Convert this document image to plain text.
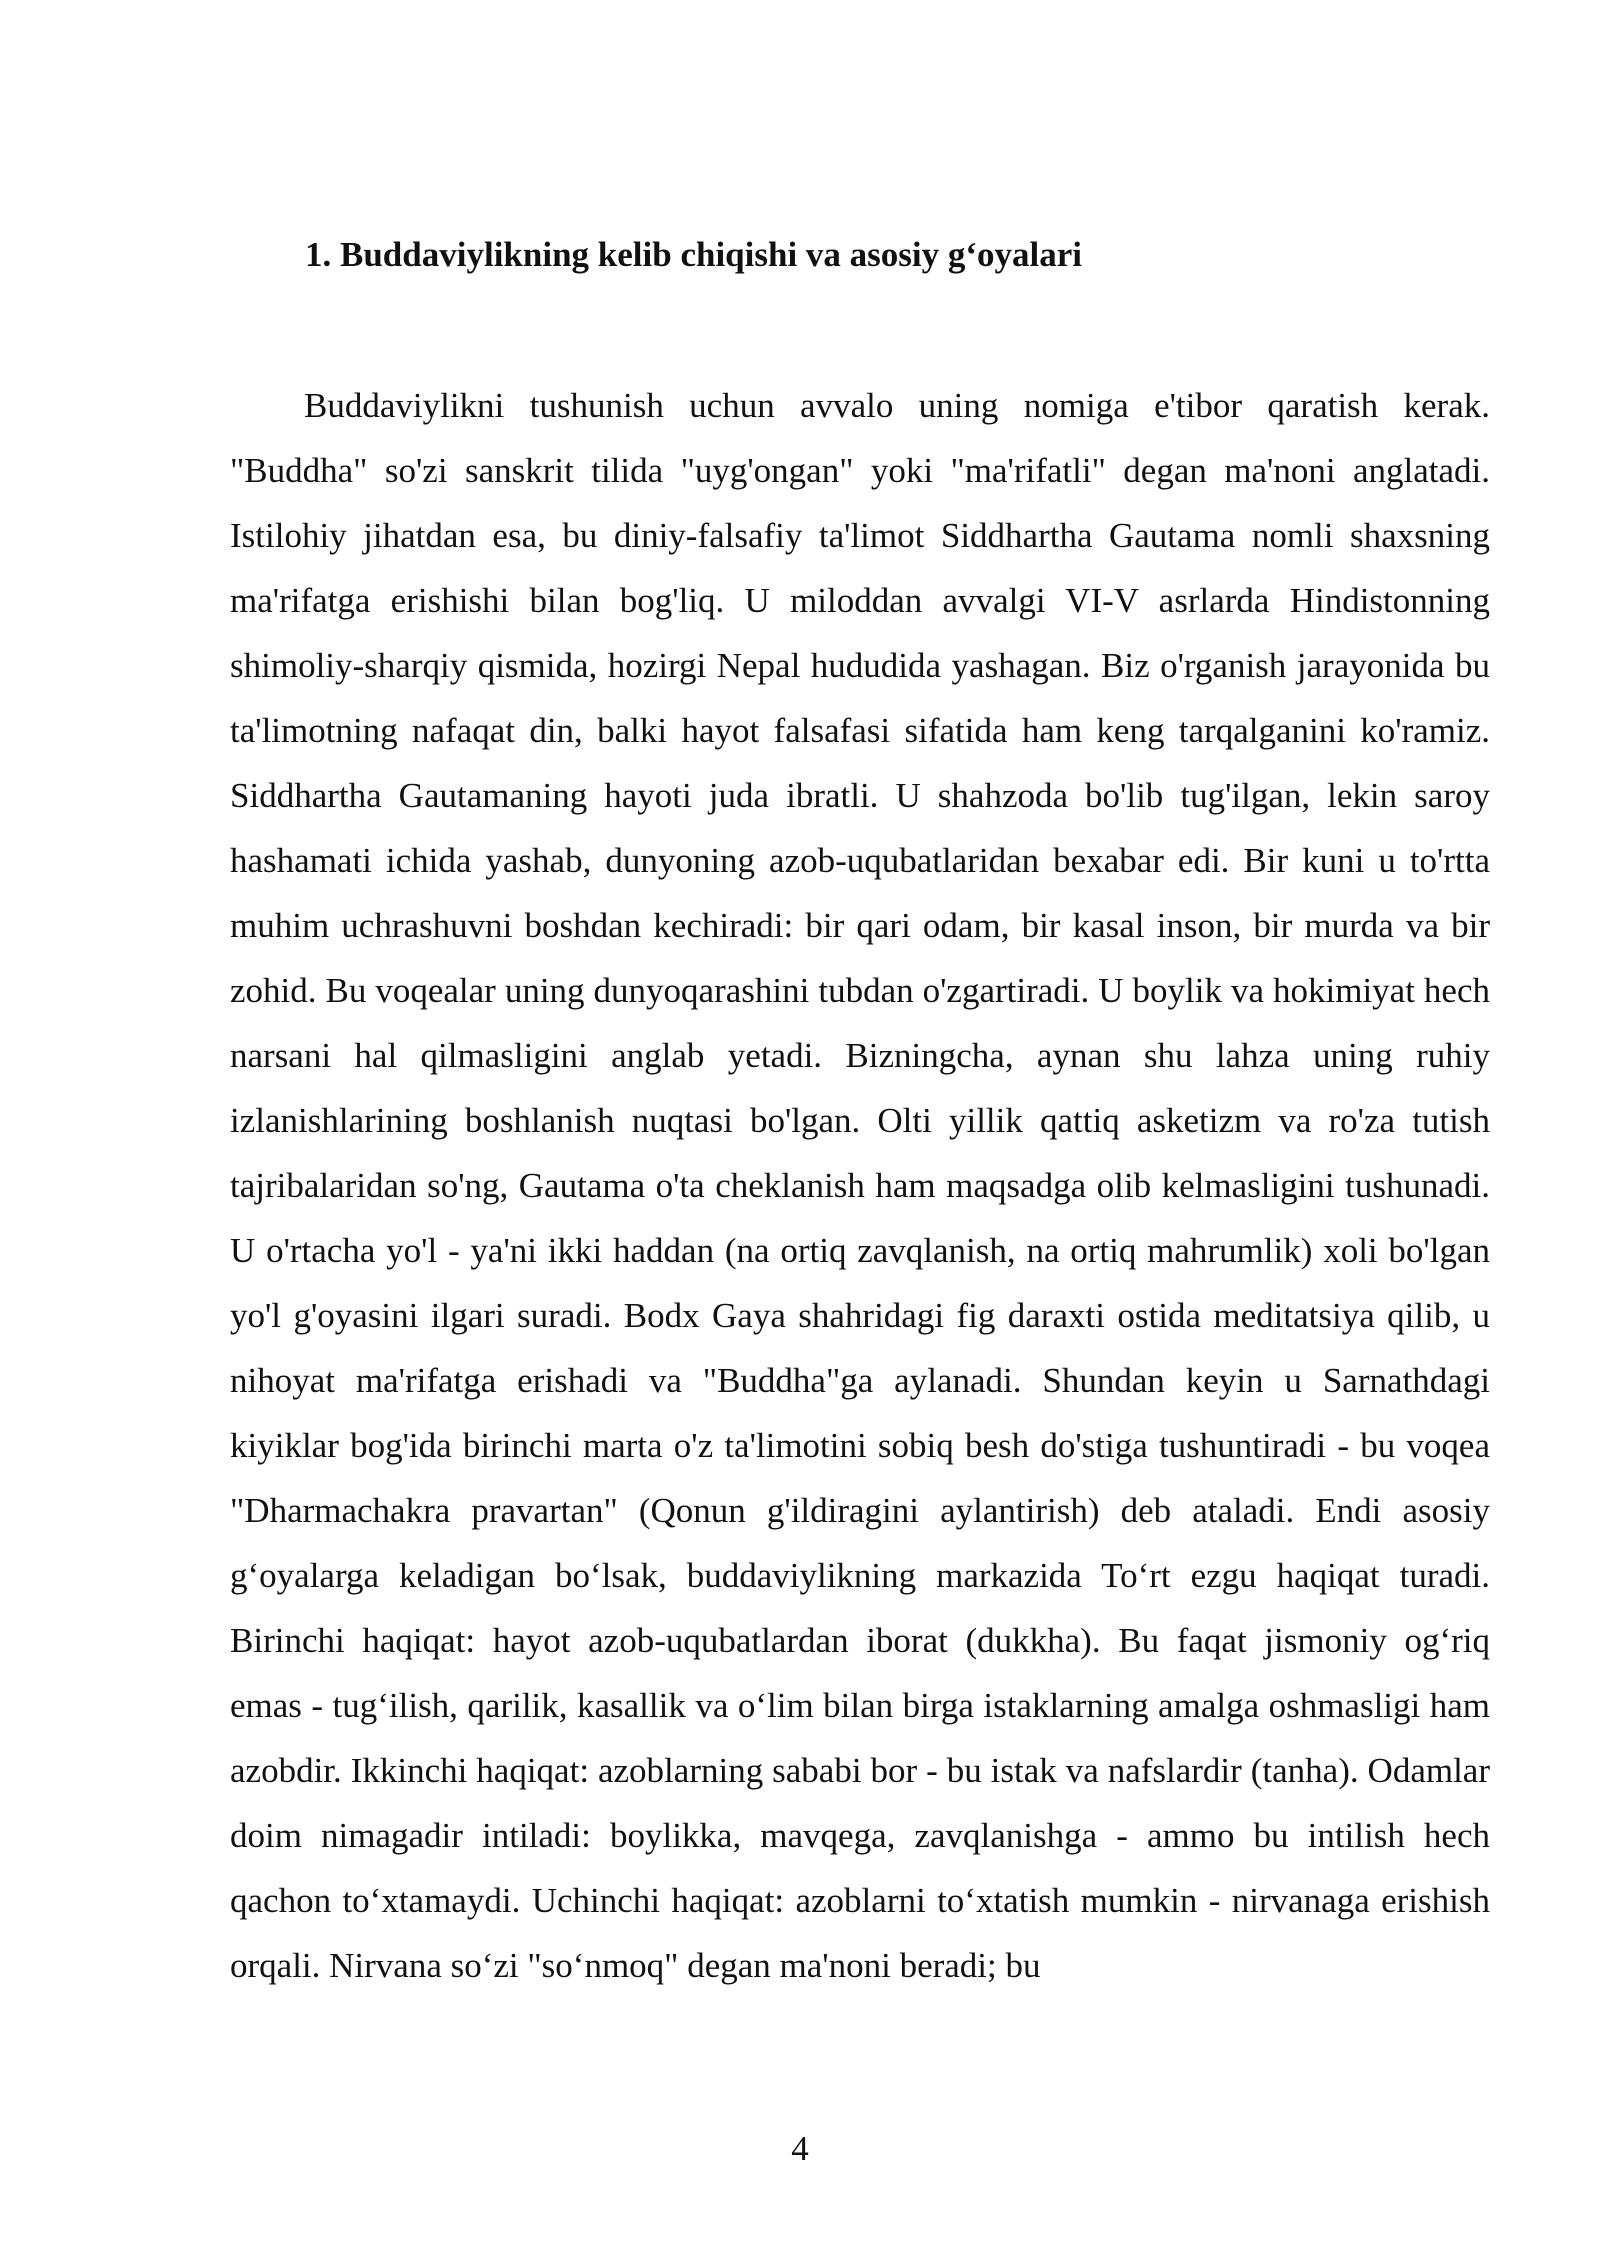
1. Buddaviylikning kelib chiqishi va asosiy g‘oyalari

Buddaviylikni tushunish uchun avvalo uning nomiga e'tibor qaratish kerak. "Buddha" so'zi sanskrit tilida "uyg'ongan" yoki "ma'rifatli" degan ma'noni anglatadi. Istilohiy jihatdan esa, bu diniy-falsafiy ta'limot Siddhartha Gautama nomli shaxsning ma'rifatga erishishi bilan bog'liq. U miloddan avvalgi VI-V asrlarda Hindistonning shimoliy-sharqiy qismida, hozirgi Nepal hududida yashagan. Biz o'rganish jarayonida bu ta'limotning nafaqat din, balki hayot falsafasi sifatida ham keng tarqalganini ko'ramiz. Siddhartha Gautamaning hayoti juda ibratli. U shahzoda bo'lib tug'ilgan, lekin saroy hashamati ichida yashab, dunyoning azob-uqubatlaridan bexabar edi. Bir kuni u to'rtta muhim uchrashuvni boshdan kechiradi: bir qari odam, bir kasal inson, bir murda va bir zohid. Bu voqealar uning dunyoqarashini tubdan o'zgartiradi. U boylik va hokimiyat hech narsani hal qilmasligini anglab yetadi. Bizningcha, aynan shu lahza uning ruhiy izlanishlarining boshlanish nuqtasi bo'lgan. Olti yillik qattiq asketizm va ro'za tutish tajribalaridan so'ng, Gautama o'ta cheklanish ham maqsadga olib kelmasligini tushunadi. U o'rtacha yo'l - ya'ni ikki haddan (na ortiq zavqlanish, na ortiq mahrumlik) xoli bo'lgan yo'l g'oyasini ilgari suradi. Bodx Gaya shahridagi fig daraxti ostida meditatsiya qilib, u nihoyat ma'rifatga erishadi va "Buddha"ga aylanadi. Shundan keyin u Sarnathdagi kiyiklar bog'ida birinchi marta o'z ta'limotini sobiq besh do'stiga tushuntiradi - bu voqea "Dharmachakra pravartan" (Qonun g'ildiragini aylantirish) deb ataladi. Endi asosiy g‘oyalarga keladigan bo‘lsak, buddaviylikning markazida To‘rt ezgu haqiqat turadi. Birinchi haqiqat: hayot azob-uqubatlardan iborat (dukkha). Bu faqat jismoniy og‘riq emas - tug‘ilish, qarilik, kasallik va o‘lim bilan birga istaklarning amalga oshmasligi ham azobdir. Ikkinchi haqiqat: azoblarning sababi bor - bu istak va nafslardir (tanha). Odamlar doim nimagadir intiladi: boylikka, mavqega, zavqlanishga - ammo bu intilish hech qachon to‘xtamaydi. Uchinchi haqiqat: azoblarni to‘xtatish mumkin - nirvanaga erishish orqali. Nirvana so‘zi "so‘nmoq" degan ma'noni beradi; bu

4
